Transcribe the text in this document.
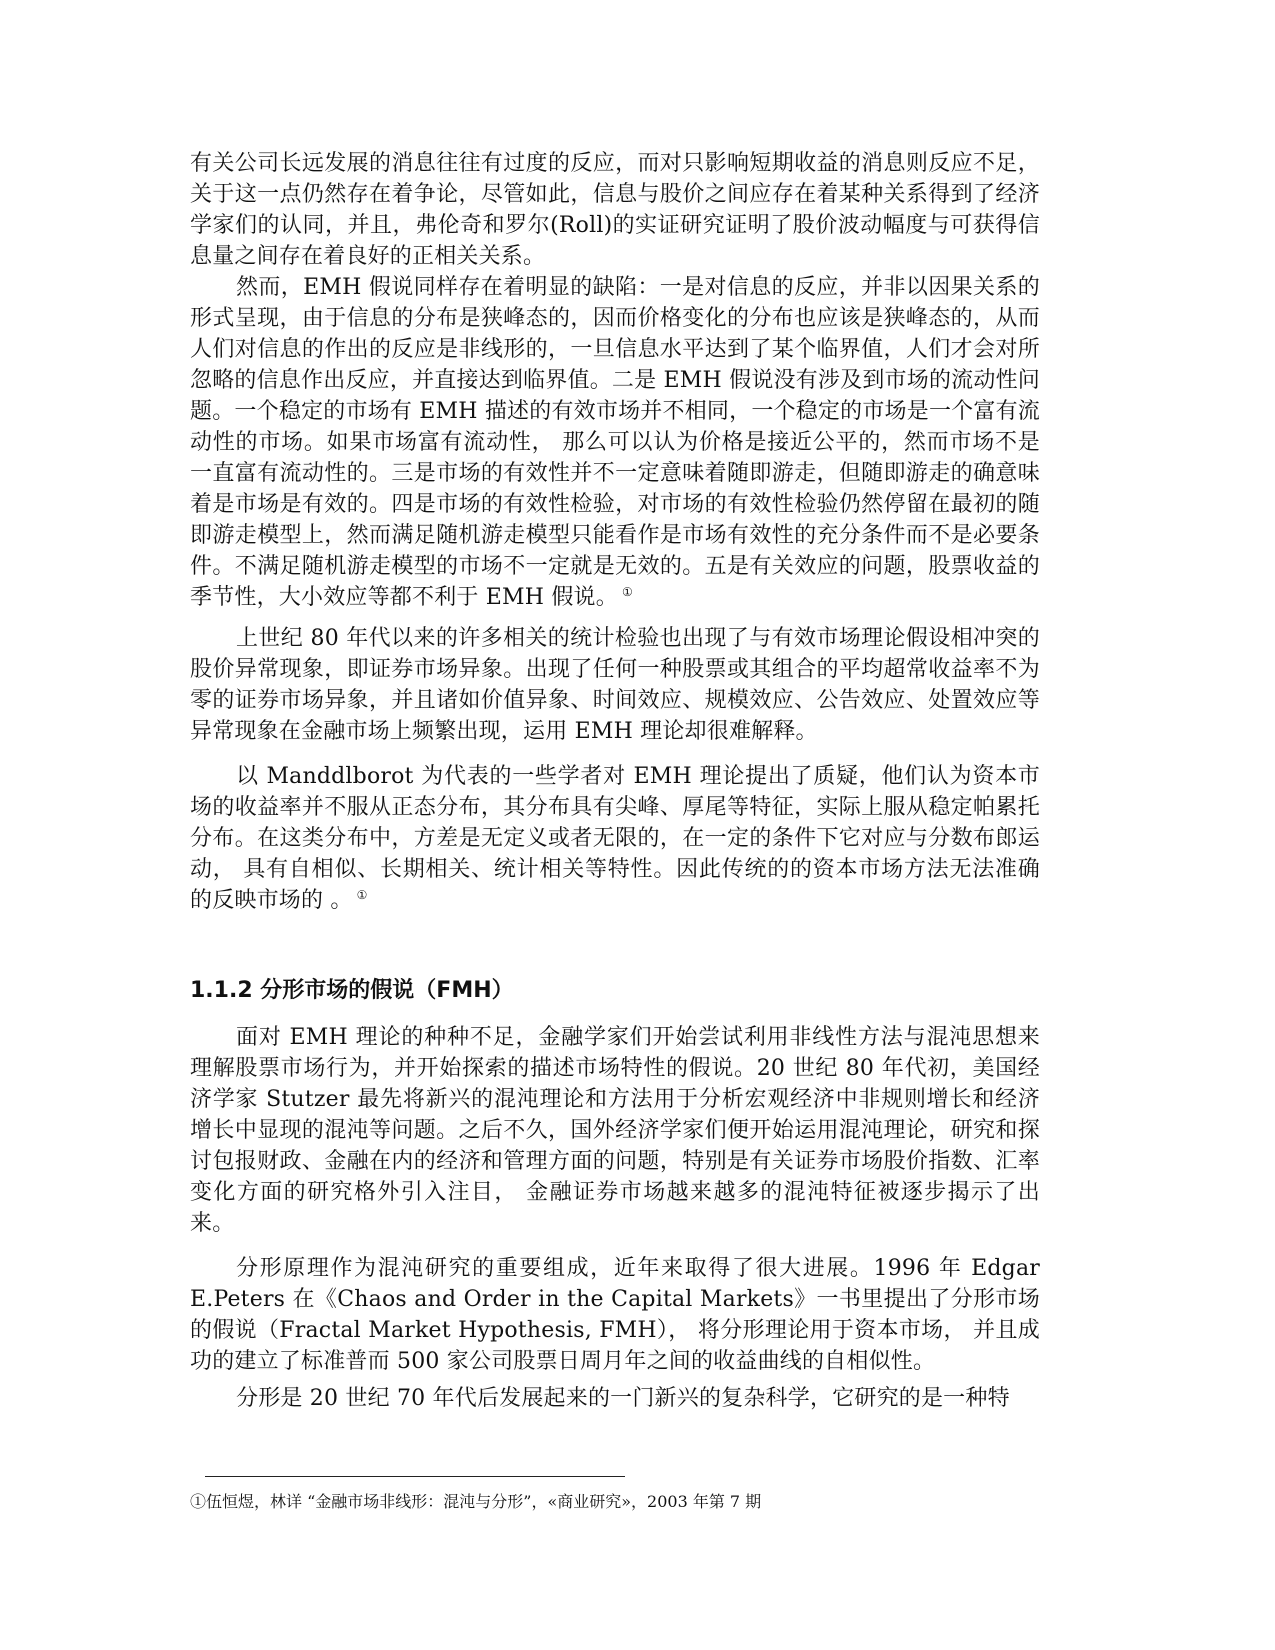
有关公司长远发展的消息往往有过度的反应，而对只影响短期收益的消息则反应不足，关于这一点仍然存在着争论，尽管如此，信息与股价之间应存在着某种关系得到了经济学家们的认同，并且，弗伦奇和罗尔(Roll)的实证研究证明了股价波动幅度与可获得信息量之间存在着良好的正相关关系。

然而，EMH 假说同样存在着明显的缺陷：一是对信息的反应，并非以因果关系的形式呈现，由于信息的分布是狭峰态的，因而价格变化的分布也应该是狭峰态的，从而人们对信息的作出的反应是非线形的，一旦信息水平达到了某个临界值，人们才会对所忽略的信息作出反应，并直接达到临界值。二是 EMH 假说没有涉及到市场的流动性问题。一个稳定的市场有 EMH 描述的有效市场并不相同，一个稳定的市场是一个富有流动性的市场。如果市场富有流动性， 那么可以认为价格是接近公平的，然而市场不是一直富有流动性的。三是市场的有效性并不一定意味着随即游走，但随即游走的确意味着是市场是有效的。四是市场的有效性检验，对市场的有效性检验仍然停留在最初的随即游走模型上，然而满足随机游走模型只能看作是市场有效性的充分条件而不是必要条件。不满足随机游走模型的市场不一定就是无效的。五是有关效应的问题，股票收益的季节性，大小效应等都不利于 EMH 假说。 ①

上世纪 80 年代以来的许多相关的统计检验也出现了与有效市场理论假设相冲突的股价异常现象，即证券市场异象。出现了任何一种股票或其组合的平均超常收益率不为零的证券市场异象，并且诸如价值异象、时间效应、规模效应、公告效应、处置效应等异常现象在金融市场上频繁出现，运用 EMH 理论却很难解释。

以 Manddlborot 为代表的一些学者对 EMH 理论提出了质疑，他们认为资本市场的收益率并不服从正态分布，其分布具有尖峰、厚尾等特征，实际上服从稳定帕累托分布。在这类分布中，方差是无定义或者无限的，在一定的条件下它对应与分数布郎运动， 具有自相似、长期相关、统计相关等特性。因此传统的的资本市场方法无法准确的反映市场的 。 ①

1.1.2 分形市场的假说（FMH）

面对 EMH 理论的种种不足，金融学家们开始尝试利用非线性方法与混沌思想来理解股票市场行为，并开始探索的描述市场特性的假说。20 世纪 80 年代初，美国经济学家 Stutzer 最先将新兴的混沌理论和方法用于分析宏观经济中非规则增长和经济增长中显现的混沌等问题。之后不久，国外经济学家们便开始运用混沌理论，研究和探讨包报财政、金融在内的经济和管理方面的问题，特别是有关证券市场股价指数、汇率变化方面的研究格外引入注目， 金融证券市场越来越多的混沌特征被逐步揭示了出来。

分形原理作为混沌研究的重要组成，近年来取得了很大进展。1996 年 Edgar E.Peters 在《Chaos and Order in the Capital Markets》一书里提出了分形市场的假说（Fractal Market Hypothesis, FMH）， 将分形理论用于资本市场， 并且成功的建立了标准普而 500 家公司股票日周月年之间的收益曲线的自相似性。

分形是 20 世纪 70 年代后发展起来的一门新兴的复杂科学，它研究的是一种特

①伍恒煜，林详 “金融市场非线形：混沌与分形”，«商业研究»，2003 年第 7 期
